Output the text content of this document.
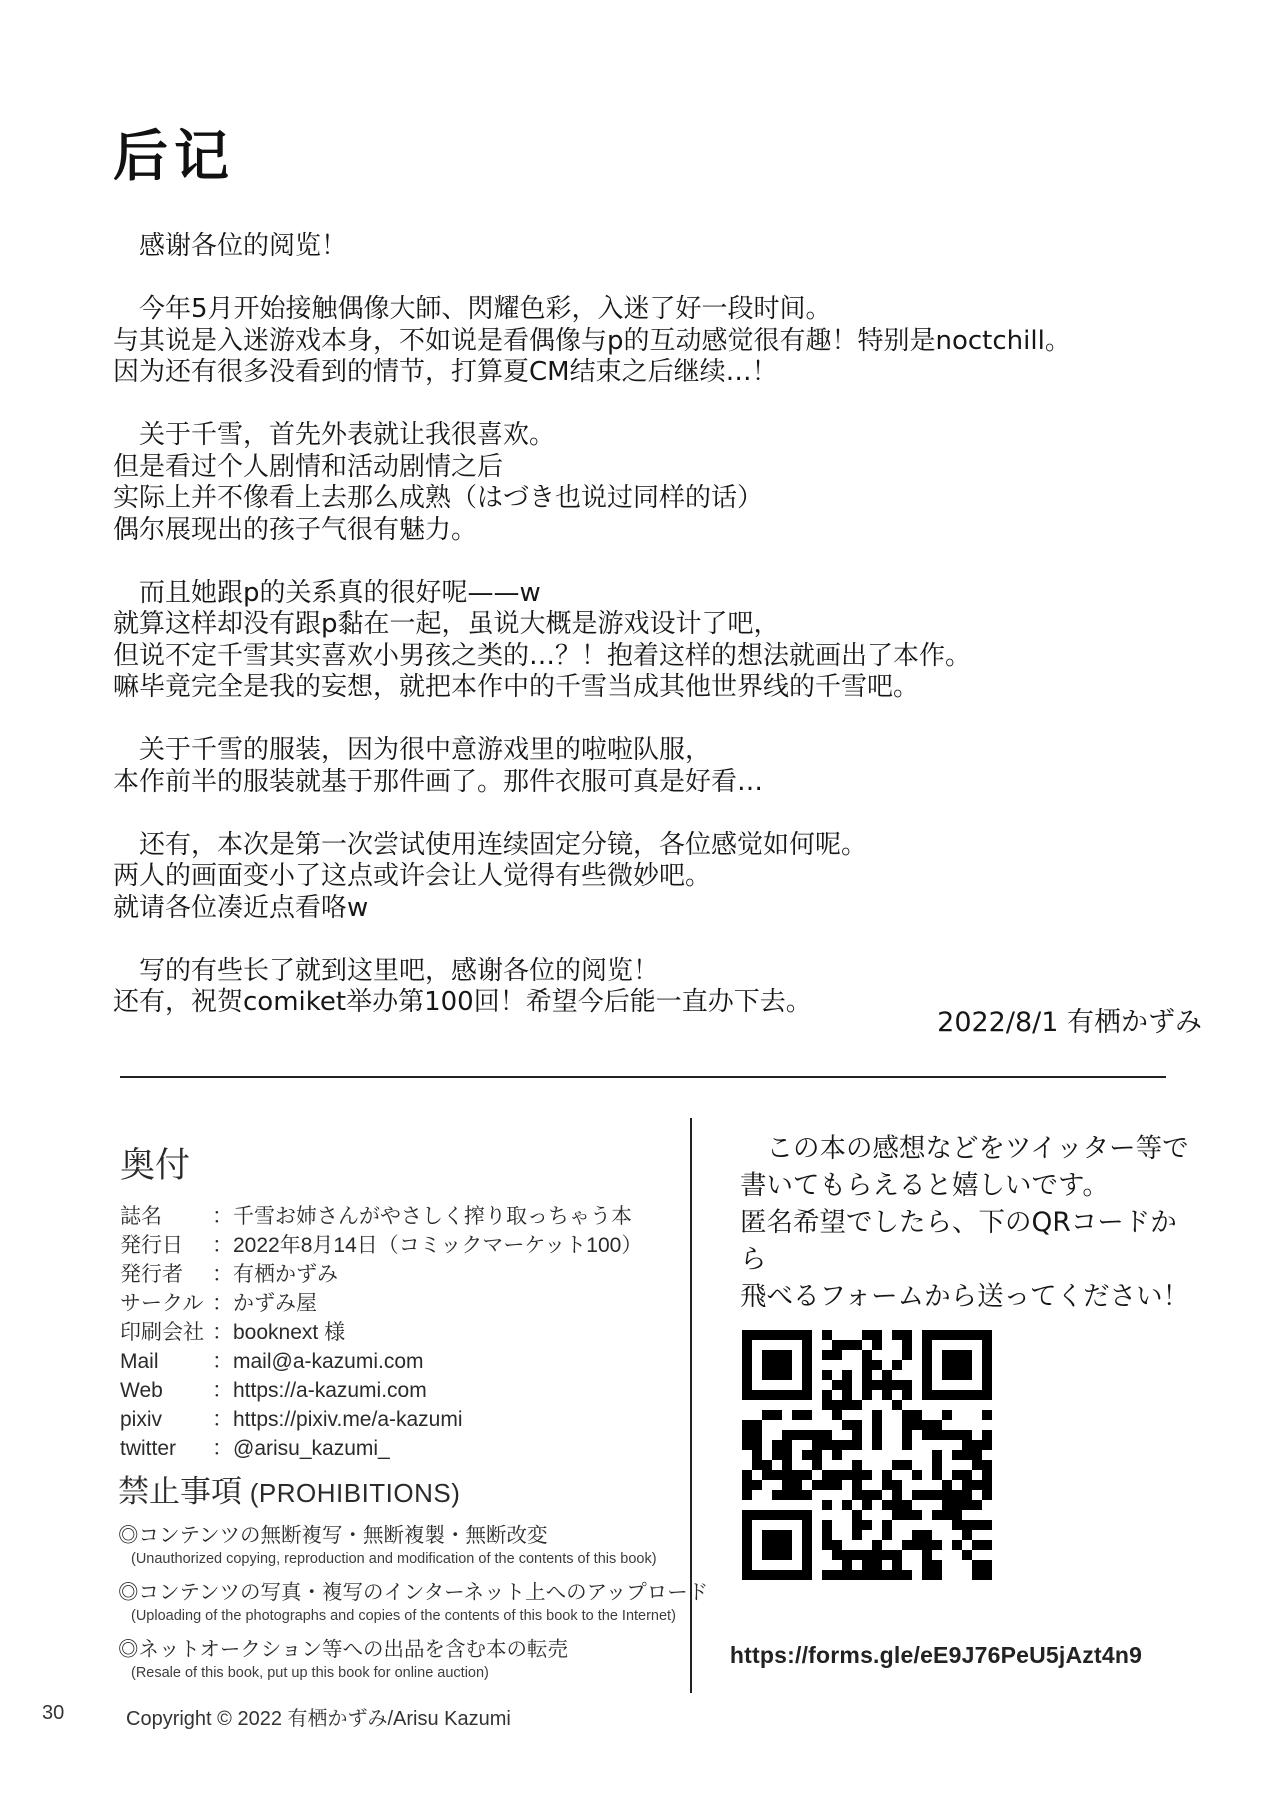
后记
　感谢各位的阅览！
　今年5月开始接触偶像大師、閃耀色彩，入迷了好一段时间。
与其说是入迷游戏本身，不如说是看偶像与p的互动感觉很有趣！特别是noctchill。
因为还有很多没看到的情节，打算夏CM结束之后继续…！
　关于千雪，首先外表就让我很喜欢。
但是看过个人剧情和活动剧情之后
实际上并不像看上去那么成熟（はづき也说过同样的话）
偶尔展现出的孩子气很有魅力。
　而且她跟p的关系真的很好呢——w
就算这样却没有跟p黏在一起，虽说大概是游戏设计了吧，
但说不定千雪其实喜欢小男孩之类的…？！抱着这样的想法就画出了本作。
嘛毕竟完全是我的妄想，就把本作中的千雪当成其他世界线的千雪吧。
　关于千雪的服装，因为很中意游戏里的啦啦队服，
本作前半的服装就基于那件画了。那件衣服可真是好看…
　还有，本次是第一次尝试使用连续固定分镜，各位感觉如何呢。
两人的画面变小了这点或许会让人觉得有些微妙吧。
就请各位凑近点看咯w
　写的有些长了就到这里吧，感谢各位的阅览！
还有，祝贺comiket举办第100回！希望今后能一直办下去。
2022/8/1 有栖かずみ
奥付
誌名	：千雪お姉さんがやさしく搾り取っちゃう本
発行日	：2022年8月14日（コミックマーケット100）
発行者	：有栖かずみ
サークル ：かずみ屋
印刷会社 ：booknext 様
Mail	：mail@a-kazumi.com
Web	：https://a-kazumi.com
pixiv	：https://pixiv.me/a-kazumi
twitter	：@arisu_kazumi_
禁止事項 (PROHIBITIONS)
◎コンテンツの無断複写・無断複製・無断改変
(Unauthorized copying, reproduction and modification of the contents of this book)
◎コンテンツの写真・複写のインターネット上へのアップロード
(Uploading of the photographs and copies of the contents of this book to the Internet)
◎ネットオークション等への出品を含む本の転売
(Resale of this book, put up this book for online auction)
　この本の感想などをツイッター等で
書いてもらえると嬉しいです。
匿名希望でしたら、下のQRコードから
飛べるフォームから送ってください！
https://forms.gle/eE9J76PeU5jAzt4n9
30	Copyright © 2022 有栖かずみ/Arisu Kazumi
